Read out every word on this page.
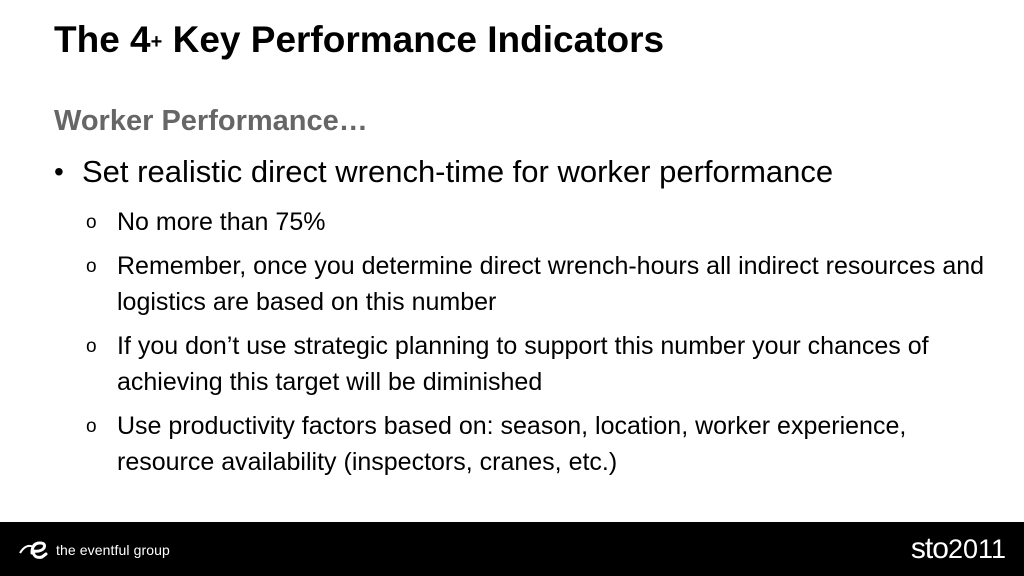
The 4+ Key Performance Indicators
Worker Performance…
• Set realistic direct wrench-time for worker performance
o No more than 75%
o Remember, once you determine direct wrench-hours all indirect resources and logistics are based on this number
o If you don’t use strategic planning to support this number your chances of achieving this target will be diminished
o Use productivity factors based on: season, location, worker experience, resource availability (inspectors, cranes, etc.)
the eventful group	sto2011
